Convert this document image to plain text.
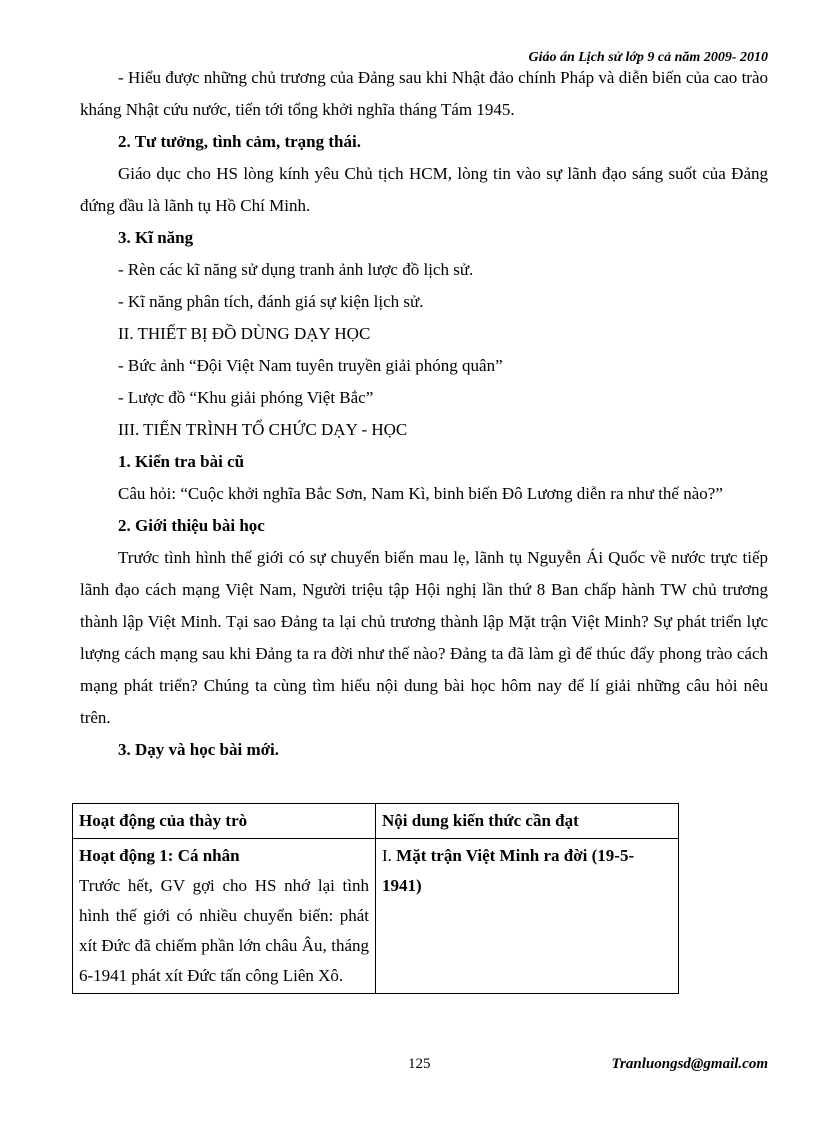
Giáo án Lịch sử lớp 9 cả năm 2009- 2010

- Hiểu được những chủ trương của Đảng sau khi Nhật đảo chính Pháp và diễn biến của cao trào kháng Nhật cứu nước, tiến tới tổng khởi nghĩa tháng Tám 1945.

2. Tư tưởng, tình cảm, trạng thái.

Giáo dục cho HS lòng kính yêu Chủ tịch HCM, lòng tin vào sự lãnh đạo sáng suốt của Đảng đứng đầu là lãnh tụ Hồ Chí Minh.

3. Kĩ năng

- Rèn các kĩ năng sử dụng tranh ảnh lược đồ lịch sử.

- Kĩ năng phân tích, đánh giá sự kiện lịch sử.

II. THIẾT BỊ ĐỒ DÙNG DẠY HỌC

- Bức ảnh “Đội Việt Nam tuyên truyền giải phóng quân”

- Lược đồ “Khu giải phóng Việt Bắc”

III. TIẾN TRÌNH TỔ CHỨC DẠY - HỌC

1. Kiển tra bài cũ

Câu hỏi: “Cuộc khởi nghĩa Bắc Sơn, Nam Kì, binh biến Đô Lương diễn ra như thế nào?”

2. Giới thiệu bài học

Trước tình hình thế giới có sự chuyển biến mau lẹ, lãnh tụ Nguyễn Ái Quốc về nước trực tiếp lãnh đạo cách mạng Việt Nam, Người triệu tập Hội nghị lần thứ 8 Ban chấp hành TW chủ trương thành lập Việt Minh. Tại sao Đảng ta lại chủ trương thành lập Mặt trận Việt Minh? Sự phát triển lực lượng cách mạng sau khi Đảng ta ra đời như thế nào? Đảng ta đã làm gì để thúc đẩy phong trào cách mạng phát triển? Chúng ta cùng tìm hiểu nội dung bài học hôm nay để lí giải những câu hỏi nêu trên.

3. Dạy và học bài mới.

Hoạt động của thày trò	Nội dung kiến thức cần đạt

Hoạt động 1: Cá nhân
Trước hết, GV gợi cho HS nhớ lại tình hình thế giới có nhiều chuyển biến: phát xít Đức đã chiếm phần lớn châu Âu, tháng 6-1941 phát xít Đức tấn công Liên Xô.	I. Mặt trận Việt Minh ra đời (19-5-1941)
125	Tranluongsd@gmail.com
